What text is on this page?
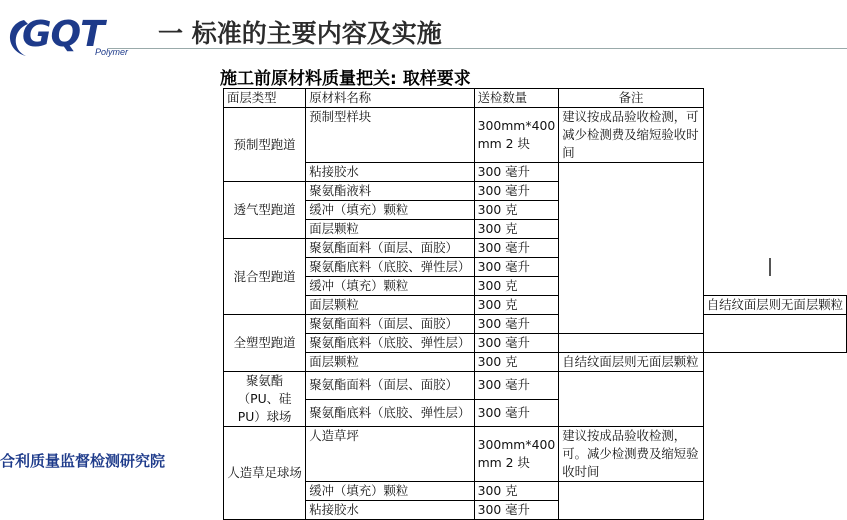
GQT
Polymer
一 标准的主要内容及实施
施工前原材料质量把关: 取样要求
面层类型	原材料名称	送检数量	备注	
预制型跑道	预制型样块	300mm*400 mm 2 块	建议按成品验收检测，可减少检测费及缩短验收时间	
	粘接胶水	300 毫升		
透气型跑道	聚氨酯液料	300 毫升		
	缓冲（填充）颗粒	300 克		
	面层颗粒	300 克		
混合型跑道	聚氨酯面料（面层、面胶）	300 毫升		
	聚氨酯底料（底胶、弹性层）	300 毫升		
	缓冲（填充）颗粒	300 克		
	面层颗粒	300 克		自结纹面层则无面层颗粒
全塑型跑道	聚氨酯面料（面层、面胶）	300 毫升		
	聚氨酯底料（底胶、弹性层）	300 毫升		
	面层颗粒	300 克	自结纹面层则无面层颗粒	
聚氨酯（PU、硅 PU）球场	聚氨酯面料（面层、面胶）	300 毫升		
	聚氨酯底料（底胶、弹性层）	300 毫升		
人造草足球场	人造草坪	300mm*400 mm 2 块	建议按成品验收检测，可。减少检测费及缩短验收时间	
	缓冲（填充）颗粒	300 克		
	粘接胶水	300 毫升		
合利质量监督检测研究院
